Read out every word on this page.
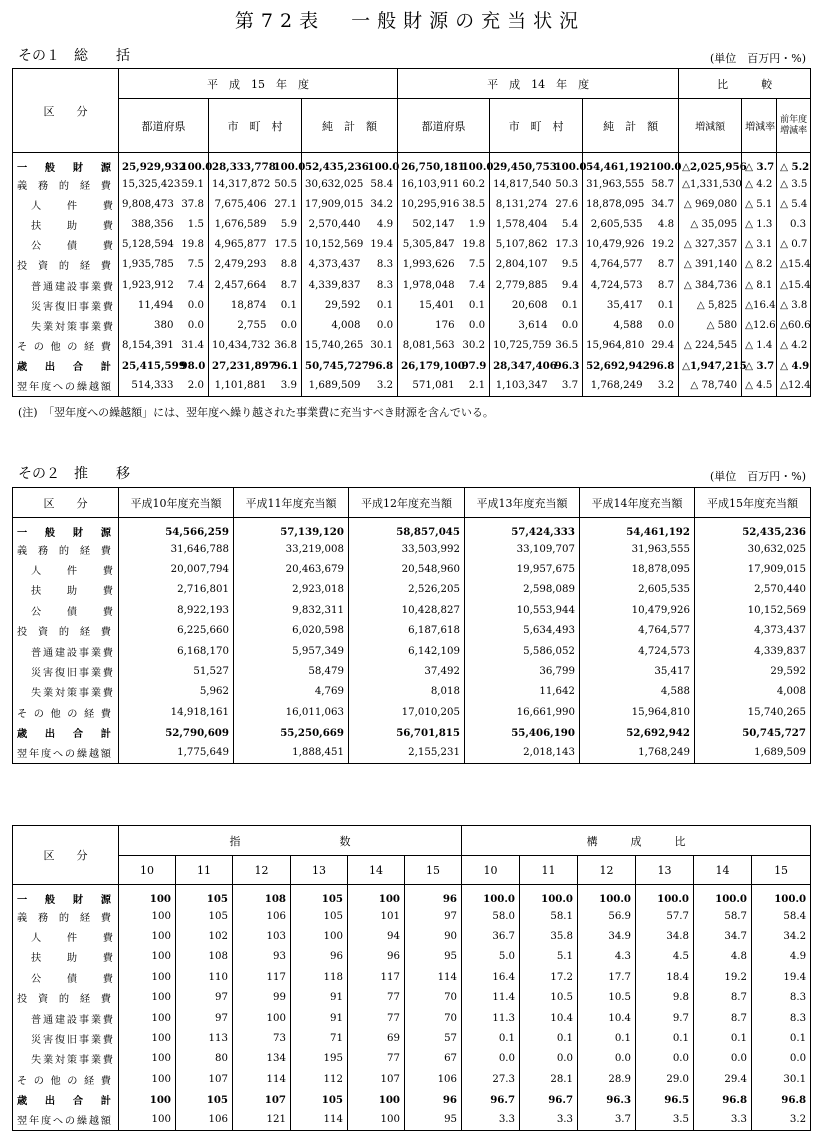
第72表　一般財源の充当状況
その１　総　　括	(単位　百万円・%)
区　　分	平　成　15　年　度						平　成　14　年　度						比　　　較		
	都道府県		市　町　村		純　計　額		都道府県		市　町　村		純　計　額		増減額	増減率	前年度増減率

一　般　財　源	25,929,932	100.0	28,333,778	100.0	52,435,236	100.0	26,750,181	100.0	29,450,753	100.0	54,461,192	100.0	△2,025,956	△ 3.7	△ 5.2

義 務 的 経 費	15,325,423	59.1	14,317,872	50.5	30,632,025	58.4	16,103,911	60.2	14,817,540	50.3	31,963,555	58.7	△1,331,530	△ 4.2	△ 3.5

人　件　費	9,808,473	37.8	7,675,406	27.1	17,909,015	34.2	10,295,916	38.5	8,131,274	27.6	18,878,095	34.7	△ 969,080	△ 5.1	△ 5.4

扶　助　費	388,356	1.5	1,676,589	5.9	2,570,440	4.9	502,147	1.9	1,578,404	5.4	2,605,535	4.8	△ 35,095	△ 1.3	0.3

公　債　費	5,128,594	19.8	4,965,877	17.5	10,152,569	19.4	5,305,847	19.8	5,107,862	17.3	10,479,926	19.2	△ 327,357	△ 3.1	△ 0.7

投 資 的 経 費	1,935,785	7.5	2,479,293	8.8	4,373,437	8.3	1,993,626	7.5	2,804,107	9.5	4,764,577	8.7	△ 391,140	△ 8.2	△15.4

普通建設事業費	1,923,912	7.4	2,457,664	8.7	4,339,837	8.3	1,978,048	7.4	2,779,885	9.4	4,724,573	8.7	△ 384,736	△ 8.1	△15.4

災害復旧事業費	11,494	0.0	18,874	0.1	29,592	0.1	15,401	0.1	20,608	0.1	35,417	0.1	△ 5,825	△16.4	△ 3.8

失業対策事業費	380	0.0	2,755	0.0	4,008	0.0	176	0.0	3,614	0.0	4,588	0.0	△ 580	△12.6	△60.6

そ の 他 の 経 費	8,154,391	31.4	10,434,732	36.8	15,740,265	30.1	8,081,563	30.2	10,725,759	36.5	15,964,810	29.4	△ 224,545	△ 1.4	△ 4.2

歳　出　合　計	25,415,599	98.0	27,231,897	96.1	50,745,727	96.8	26,179,100	97.9	28,347,406	96.3	52,692,942	96.8	△1,947,215	△ 3.7	△ 4.9

翌年度への繰越額	514,333	2.0	1,101,881	3.9	1,689,509	3.2	571,081	2.1	1,103,347	3.7	1,768,249	3.2	△ 78,740	△ 4.5	△12.4
(注)　「翌年度への繰越額」には、翌年度へ繰り越された事業費に充当すべき財源を含んでいる。
その２　推　　移	(単位　百万円・%)
区　　分	平成10年度充当額	平成11年度充当額	平成12年度充当額	平成13年度充当額	平成14年度充当額	平成15年度充当額

一　般　財　源	54,566,259	57,139,120	58,857,045	57,424,333	54,461,192	52,435,236

義 務 的 経 費	31,646,788	33,219,008	33,503,992	33,109,707	31,963,555	30,632,025

人　件　費	20,007,794	20,463,679	20,548,960	19,957,675	18,878,095	17,909,015

扶　助　費	2,716,801	2,923,018	2,526,205	2,598,089	2,605,535	2,570,440

公　債　費	8,922,193	9,832,311	10,428,827	10,553,944	10,479,926	10,152,569

投 資 的 経 費	6,225,660	6,020,598	6,187,618	5,634,493	4,764,577	4,373,437

普通建設事業費	6,168,170	5,957,349	6,142,109	5,586,052	4,724,573	4,339,837

災害復旧事業費	51,527	58,479	37,492	36,799	35,417	29,592

失業対策事業費	5,962	4,769	8,018	11,642	4,588	4,008

そ の 他 の 経 費	14,918,161	16,011,063	17,010,205	16,661,990	15,964,810	15,740,265

歳　出　合　計	52,790,609	55,250,669	56,701,815	55,406,190	52,692,942	50,745,727

翌年度への繰越額	1,775,649	1,888,451	2,155,231	2,018,143	1,768,249	1,689,509
区　　分	指　　　　　　　　　数						構　　　成　　　比					
	10	11	12	13	14	15	10	11	12	13	14	15

一　般　財　源	100	105	108	105	100	96	100.0	100.0	100.0	100.0	100.0	100.0

義 務 的 経 費	100	105	106	105	101	97	58.0	58.1	56.9	57.7	58.7	58.4

人　件　費	100	102	103	100	94	90	36.7	35.8	34.9	34.8	34.7	34.2

扶　助　費	100	108	93	96	96	95	5.0	5.1	4.3	4.5	4.8	4.9

公　債　費	100	110	117	118	117	114	16.4	17.2	17.7	18.4	19.2	19.4

投 資 的 経 費	100	97	99	91	77	70	11.4	10.5	10.5	9.8	8.7	8.3

普通建設事業費	100	97	100	91	77	70	11.3	10.4	10.4	9.7	8.7	8.3

災害復旧事業費	100	113	73	71	69	57	0.1	0.1	0.1	0.1	0.1	0.1

失業対策事業費	100	80	134	195	77	67	0.0	0.0	0.0	0.0	0.0	0.0

そ の 他 の 経 費	100	107	114	112	107	106	27.3	28.1	28.9	29.0	29.4	30.1

歳　出　合　計	100	105	107	105	100	96	96.7	96.7	96.3	96.5	96.8	96.8

翌年度への繰越額	100	106	121	114	100	95	3.3	3.3	3.7	3.5	3.3	3.2
